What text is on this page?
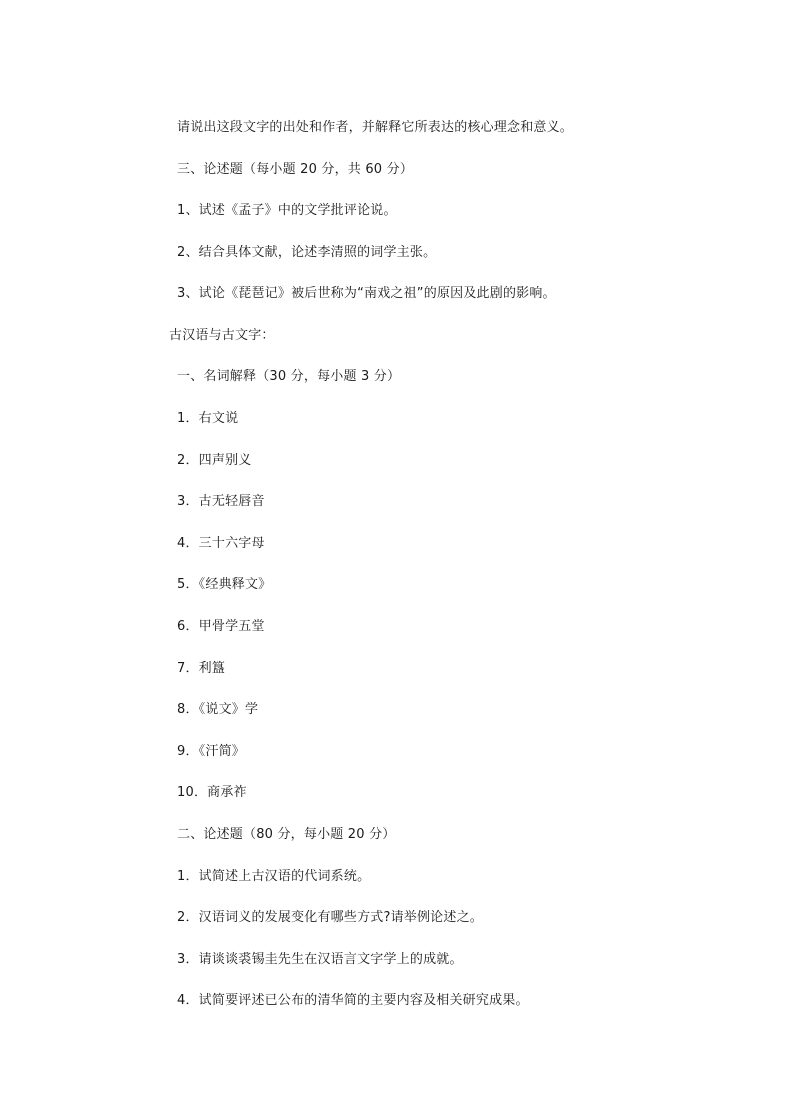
请说出这段文字的出处和作者，并解释它所表达的核心理念和意义。
三、论述题（每小题 20 分，共 60 分）
1、试述《孟子》中的文学批评论说。
2、结合具体文献，论述李清照的词学主张。
3、试论《琵琶记》被后世称为“南戏之祖”的原因及此剧的影响。
古汉语与古文字：
一、名词解释（30 分，每小题 3 分）
1．右文说
2．四声别义
3．古无轻唇音
4．三十六字母
5．《经典释文》
6．甲骨学五堂
7．利簋
8．《说文》学
9．《汗简》
10．商承祚
二、论述题（80 分，每小题 20 分）
1．试简述上古汉语的代词系统。
2．汉语词义的发展变化有哪些方式?请举例论述之。
3．请谈谈裘锡圭先生在汉语言文字学上的成就。
4．试简要评述已公布的清华简的主要内容及相关研究成果。
